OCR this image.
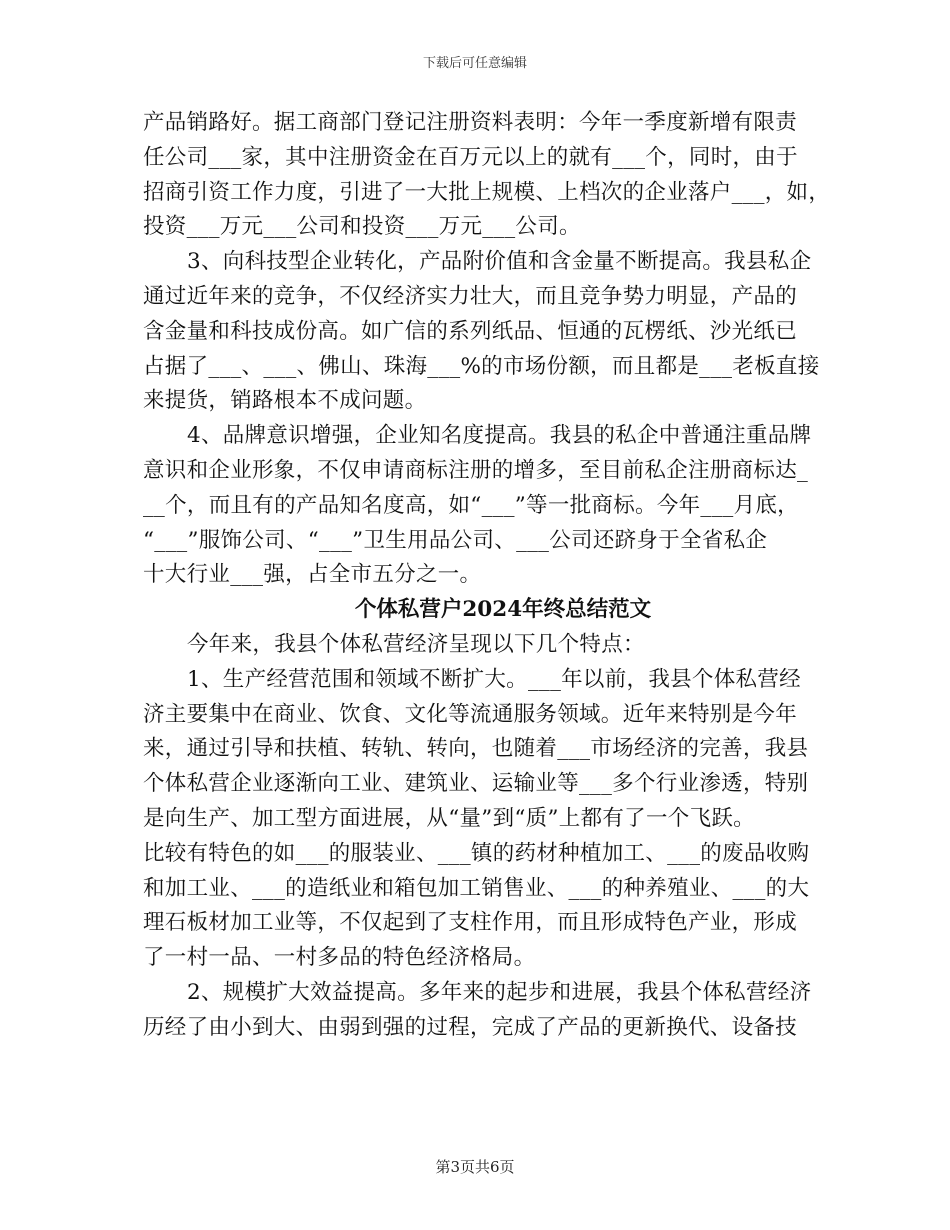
下载后可任意编辑
产品销路好。据工商部门登记注册资料表明：今年一季度新增有限责
任公司___家，其中注册资金在百万元以上的就有___个，同时，由于
招商引资工作力度，引进了一大批上规模、上档次的企业落户___，如，
投资___万元___公司和投资___万元___公司。
3、向科技型企业转化，产品附价值和含金量不断提高。我县私企
通过近年来的竞争，不仅经济实力壮大，而且竞争势力明显，产品的
含金量和科技成份高。如广信的系列纸品、恒通的瓦楞纸、沙光纸已
占据了___、___、佛山、珠海___%的市场份额，而且都是___老板直接
来提货，销路根本不成问题。
4、品牌意识增强，企业知名度提高。我县的私企中普通注重品牌
意识和企业形象，不仅申请商标注册的增多，至目前私企注册商标达_
__个，而且有的产品知名度高，如“___”等一批商标。今年___月底，
“___”服饰公司、“___”卫生用品公司、___公司还跻身于全省私企
十大行业___强，占全市五分之一。
个体私营户2024年终总结范文
今年来，我县个体私营经济呈现以下几个特点：
1、生产经营范围和领域不断扩大。___年以前，我县个体私营经
济主要集中在商业、饮食、文化等流通服务领域。近年来特别是今年
来，通过引导和扶植、转轨、转向，也随着___市场经济的完善，我县
个体私营企业逐渐向工业、建筑业、运输业等___多个行业渗透，特别
是向生产、加工型方面进展，从“量”到“质”上都有了一个飞跃。
比较有特色的如___的服装业、___镇的药材种植加工、___的废品收购
和加工业、___的造纸业和箱包加工销售业、___的种养殖业、___的大
理石板材加工业等，不仅起到了支柱作用，而且形成特色产业，形成
了一村一品、一村多品的特色经济格局。
2、规模扩大效益提高。多年来的起步和进展，我县个体私营经济
历经了由小到大、由弱到强的过程，完成了产品的更新换代、设备技
第3页共6页
